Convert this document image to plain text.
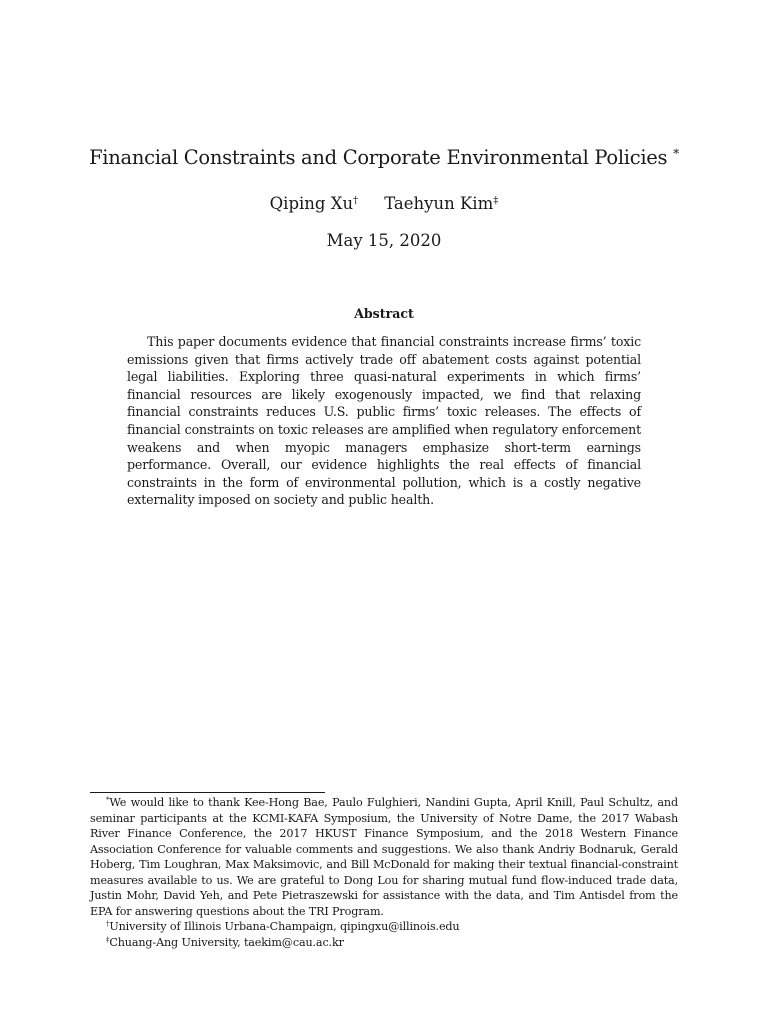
Financial Constraints and Corporate Environmental Policies *
Qiping Xu† Taehyun Kim‡
May 15, 2020
Abstract

This paper documents evidence that financial constraints increase firms’ toxic emissions given that firms actively trade off abatement costs against potential legal liabilities. Exploring three quasi-natural experiments in which firms’ financial resources are likely exogenously impacted, we find that relaxing financial constraints reduces U.S. public firms’ toxic releases. The effects of financial constraints on toxic releases are amplified when regulatory enforcement weakens and when myopic managers emphasize short-term earnings performance. Overall, our evidence highlights the real effects of financial constraints in the form of environmental pollution, which is a costly negative externality imposed on society and public health.

*We would like to thank Kee-Hong Bae, Paulo Fulghieri, Nandini Gupta, April Knill, Paul Schultz, and seminar participants at the KCMI-KAFA Symposium, the University of Notre Dame, the 2017 Wabash River Finance Conference, the 2017 HKUST Finance Symposium, and the 2018 Western Finance Association Conference for valuable comments and suggestions. We also thank Andriy Bodnaruk, Gerald Hoberg, Tim Loughran, Max Maksimovic, and Bill McDonald for making their textual financial-constraint measures available to us. We are grateful to Dong Lou for sharing mutual fund flow-induced trade data, Justin Mohr, David Yeh, and Pete Pietraszewski for assistance with the data, and Tim Antisdel from the EPA for answering questions about the TRI Program.

†University of Illinois Urbana-Champaign, qipingxu@illinois.edu

‡Chuang-Ang University, taekim@cau.ac.kr
